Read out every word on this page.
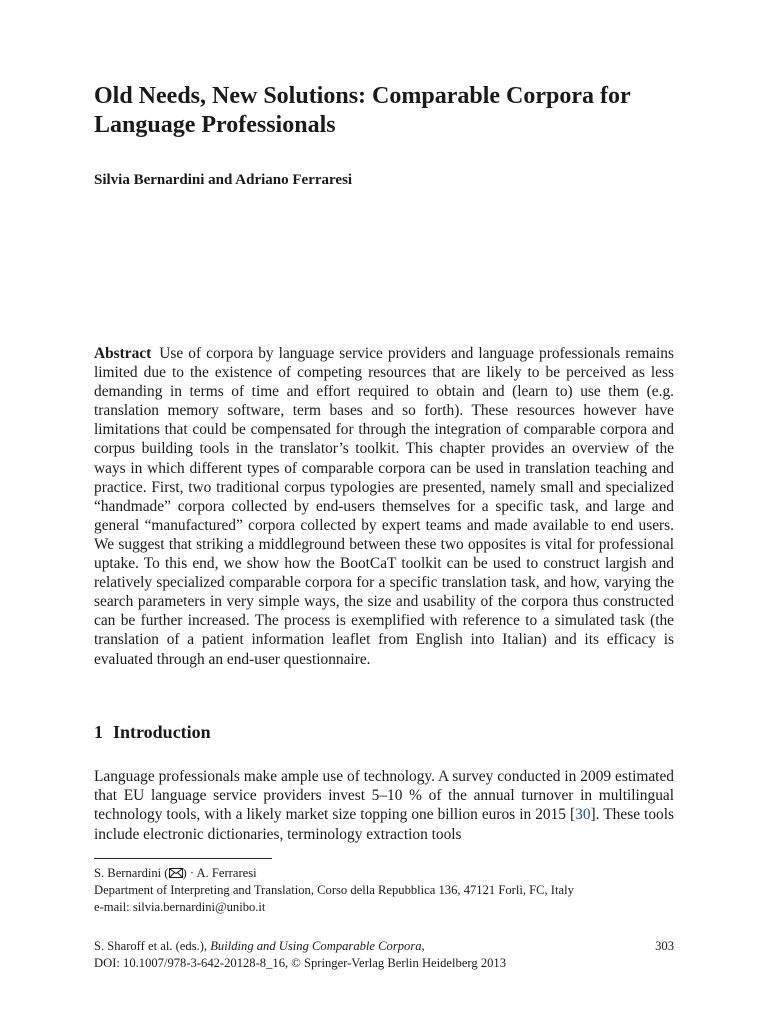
Old Needs, New Solutions: Comparable Corpora for Language Professionals

Silvia Bernardini and Adriano Ferraresi

Abstract Use of corpora by language service providers and language professionals remains limited due to the existence of competing resources that are likely to be perceived as less demanding in terms of time and effort required to obtain and (learn to) use them (e.g. translation memory software, term bases and so forth). These resources however have limitations that could be compensated for through the integration of comparable corpora and corpus building tools in the translator’s toolkit. This chapter provides an overview of the ways in which different types of comparable corpora can be used in translation teaching and practice. First, two traditional corpus typologies are presented, namely small and specialized “handmade” corpora collected by end-users themselves for a specific task, and large and general “manufactured” corpora collected by expert teams and made available to end users. We suggest that striking a middleground between these two opposites is vital for professional uptake. To this end, we show how the BootCaT toolkit can be used to construct largish and relatively specialized comparable corpora for a specific translation task, and how, varying the search parameters in very simple ways, the size and usability of the corpora thus constructed can be further increased. The process is exemplified with reference to a simulated task (the translation of a patient information leaflet from English into Italian) and its efficacy is evaluated through an end-user questionnaire.

1 Introduction

Language professionals make ample use of technology. A survey conducted in 2009 estimated that EU language service providers invest 5–10 % of the annual turnover in multilingual technology tools, with a likely market size topping one billion euros in 2015 [30]. These tools include electronic dictionaries, terminology extraction tools

S. Bernardini ( ) · A. Ferraresi
Department of Interpreting and Translation, Corso della Repubblica 136, 47121 Forlì, FC, Italy
e-mail: silvia.bernardini@unibo.it
S. Sharoff et al. (eds.), Building and Using Comparable Corpora,
DOI: 10.1007/978-3-642-20128-8_16, © Springer-Verlag Berlin Heidelberg 2013
303
